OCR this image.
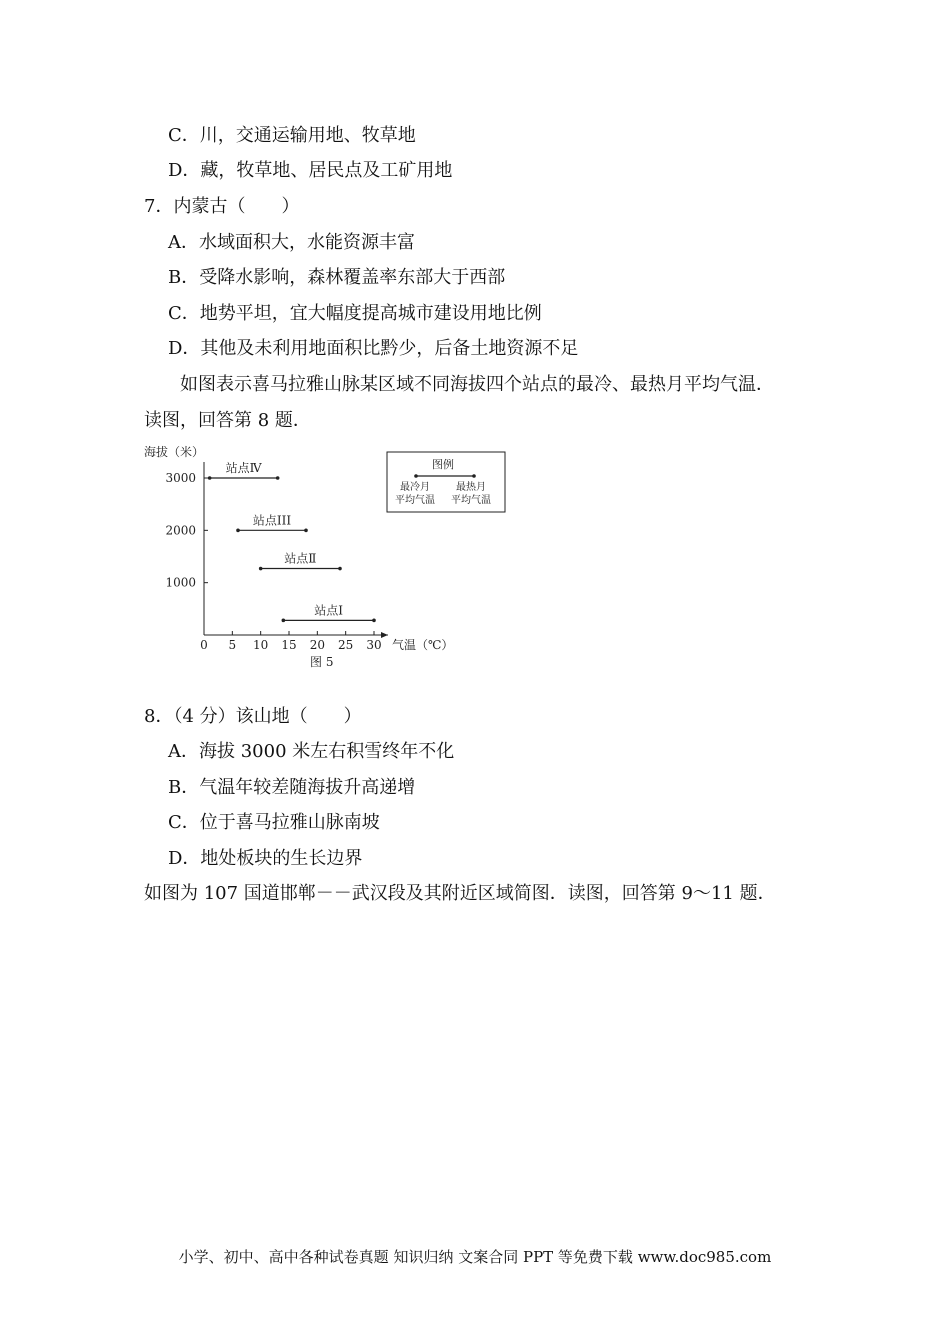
C．川，交通运输用地、牧草地
D．藏，牧草地、居民点及工矿用地
7．内蒙古（　　）
A．水域面积大，水能资源丰富
B．受降水影响，森林覆盖率东部大于西部
C．地势平坦，宜大幅度提高城市建设用地比例
D．其他及未利用地面积比黔少，后备土地资源不足
如图表示喜马拉雅山脉某区域不同海拔四个站点的最冷、最热月平均气温．
读图，回答第 8 题．
海拔（米）
气温（℃）
0 5 10 15 20 25 30
1000
2000
3000
站点Ⅳ
站点III
站点Ⅱ
站点Ⅰ
图 5
图例
最冷月
平均气温
最热月
平均气温
8．（4 分）该山地（　　）
A．海拔 3000 米左右积雪终年不化
B．气温年较差随海拔升高递增
C．位于喜马拉雅山脉南坡
D．地处板块的生长边界
如图为 107 国道邯郸－－武汉段及其附近区域简图．读图，回答第 9～11 题．
小学、初中、高中各种试卷真题 知识归纳 文案合同 PPT 等免费下载 www.doc985.com
